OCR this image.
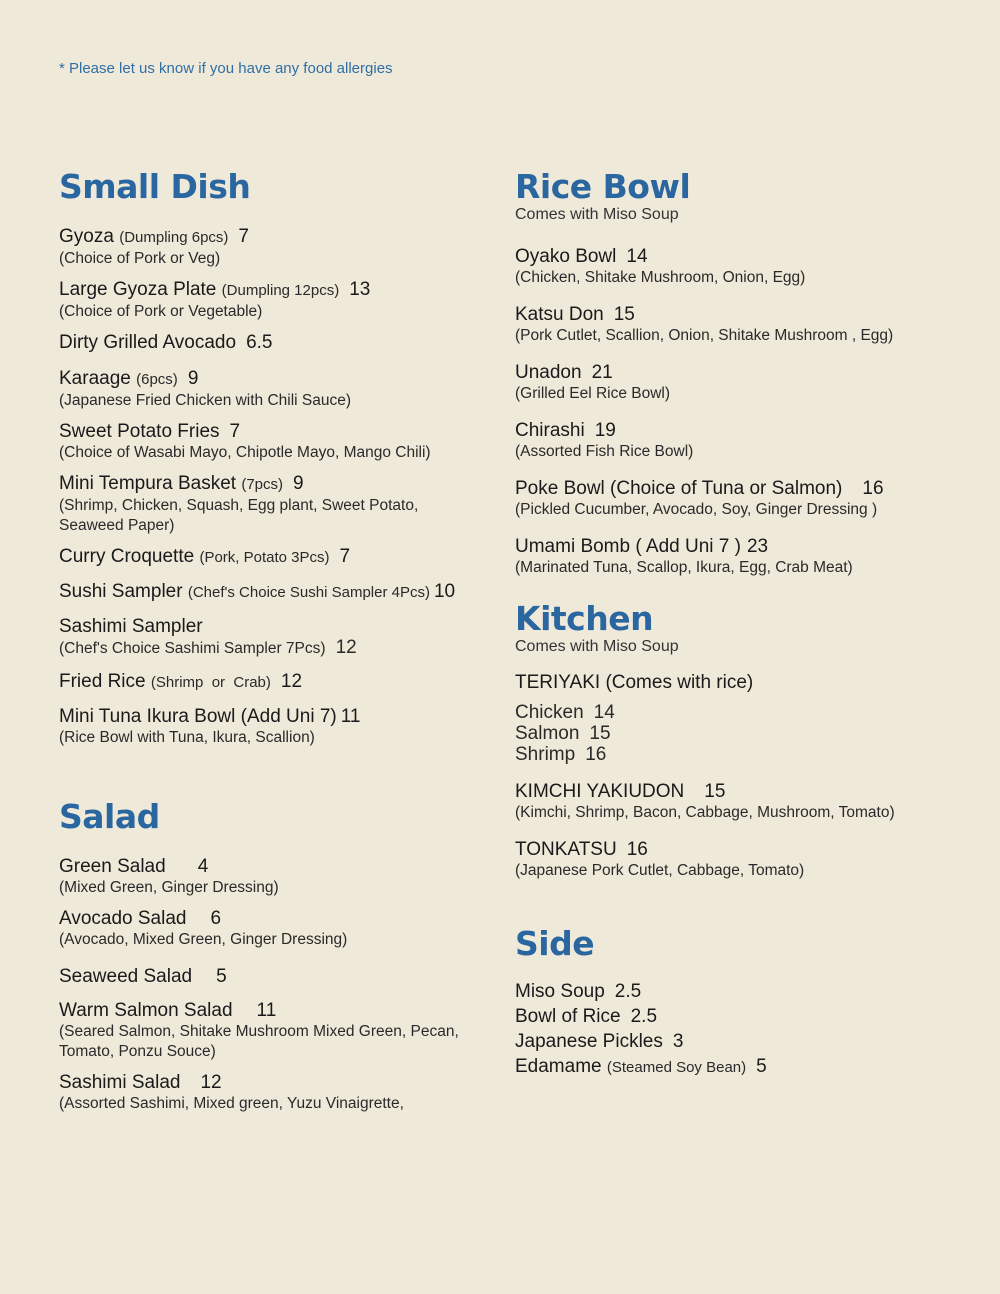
* Please let us know if you have any food allergies

Small Dish
Gyoza (Dumpling 6pcs) 7
(Choice of Pork or Veg)
Large Gyoza Plate (Dumpling 12pcs) 13
(Choice of Pork or Vegetable)
Dirty Grilled Avocado 6.5
Karaage (6pcs) 9
(Japanese Fried Chicken with Chili Sauce)
Sweet Potato Fries 7
(Choice of Wasabi Mayo, Chipotle Mayo, Mango Chili)
Mini Tempura Basket (7pcs) 9
(Shrimp, Chicken, Squash, Egg plant, Sweet Potato, Seaweed Paper)
Curry Croquette (Pork, Potato 3Pcs) 7
Sushi Sampler (Chef's Choice Sushi Sampler 4Pcs) 10
Sashimi Sampler
(Chef's Choice Sashimi Sampler 7Pcs) 12
Fried Rice (Shrimp  or  Crab) 12
Mini Tuna Ikura Bowl (Add Uni 7) 11
(Rice Bowl with Tuna, Ikura, Scallion)
Salad
Green Salad 4
(Mixed Green, Ginger Dressing)
Avocado Salad 6
(Avocado, Mixed Green, Ginger Dressing)
Seaweed Salad 5
Warm Salmon Salad 11
(Seared Salmon, Shitake Mushroom Mixed Green, Pecan, Tomato, Ponzu Souce)
Sashimi Salad 12
(Assorted Sashimi, Mixed green, Yuzu Vinaigrette,
Rice Bowl

Comes with Miso Soup

Oyako Bowl 14
(Chicken, Shitake Mushroom, Onion, Egg)
Katsu Don 15
(Pork Cutlet, Scallion, Onion, Shitake Mushroom , Egg)
Unadon 21
(Grilled Eel Rice Bowl)
Chirashi 19
(Assorted Fish Rice Bowl)
Poke Bowl (Choice of Tuna or Salmon) 16
(Pickled Cucumber, Avocado, Soy, Ginger Dressing )
Umami Bomb ( Add Uni 7 ) 23
(Marinated Tuna, Scallop, Ikura, Egg, Crab Meat)
Kitchen

Comes with Miso Soup

TERIYAKI (Comes with rice)
Chicken 14
Salmon 15
Shrimp 16
KIMCHI YAKIUDON 15
(Kimchi, Shrimp, Bacon, Cabbage, Mushroom, Tomato)
TONKATSU 16
(Japanese Pork Cutlet, Cabbage, Tomato)
Side
Miso Soup 2.5
Bowl of Rice 2.5
Japanese Pickles 3
Edamame (Steamed Soy Bean) 5
